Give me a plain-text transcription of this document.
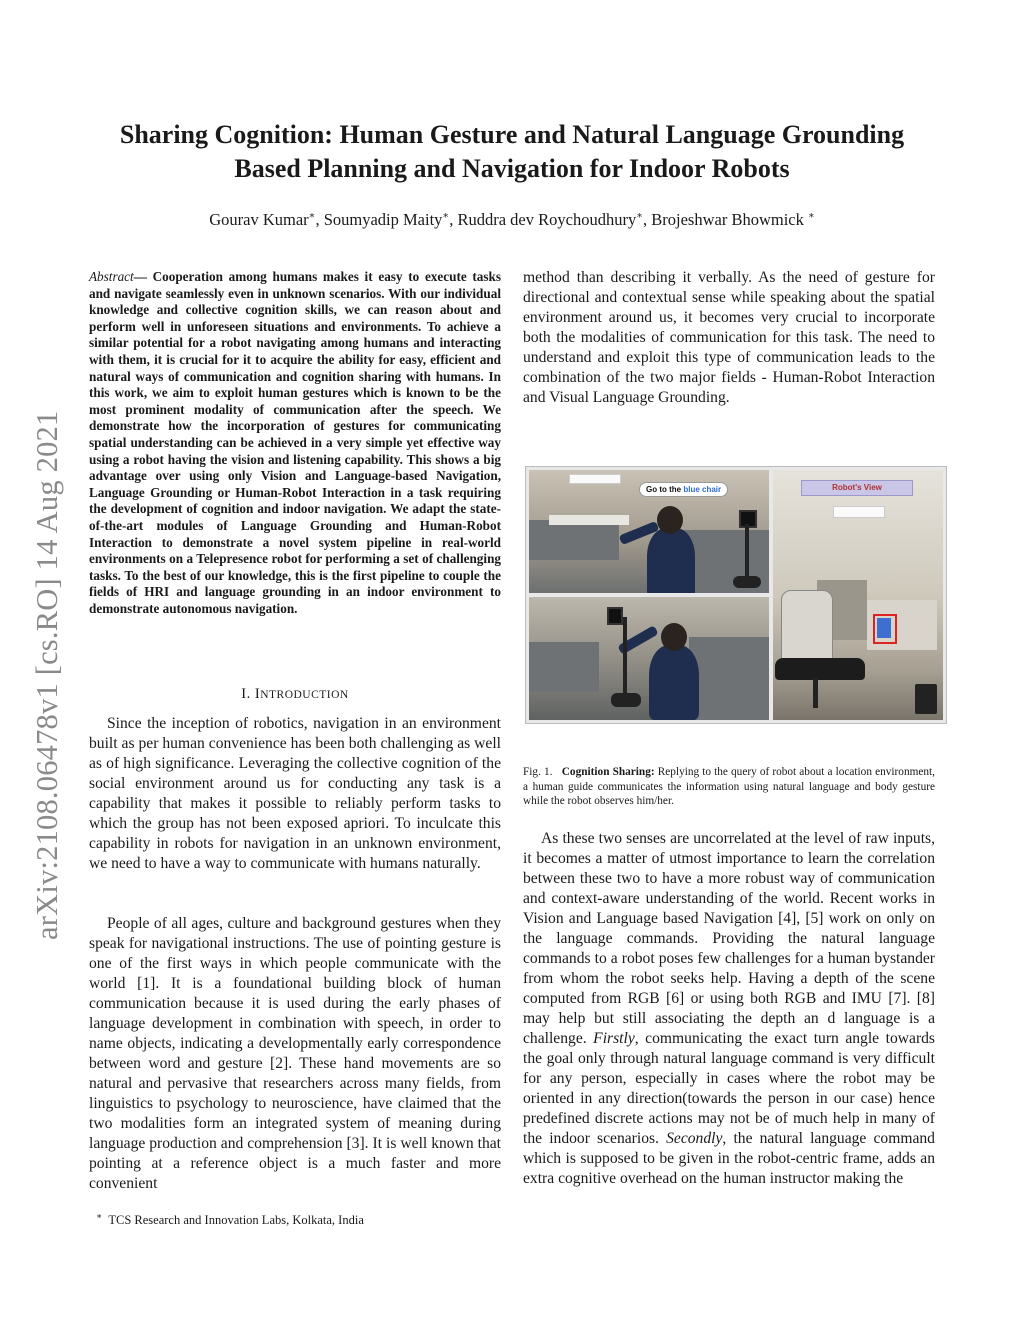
arXiv:2108.06478v1 [cs.RO] 14 Aug 2021
Sharing Cognition: Human Gesture and Natural Language Grounding
Based Planning and Navigation for Indoor Robots
Gourav Kumar∗, Soumyadip Maity∗, Ruddra dev Roychoudhury∗, Brojeshwar Bhowmick ∗
Abstract— Cooperation among humans makes it easy to execute tasks and navigate seamlessly even in unknown scenarios. With our individual knowledge and collective cognition skills, we can reason about and perform well in unforeseen situations and environments. To achieve a similar potential for a robot navigating among humans and interacting with them, it is crucial for it to acquire the ability for easy, efficient and natural ways of communication and cognition sharing with humans. In this work, we aim to exploit human gestures which is known to be the most prominent modality of communication after the speech. We demonstrate how the incorporation of gestures for communicating spatial understanding can be achieved in a very simple yet effective way using a robot having the vision and listening capability. This shows a big advantage over using only Vision and Language-based Navigation, Language Grounding or Human-Robot Interaction in a task requiring the development of cognition and indoor navigation. We adapt the state-of-the-art modules of Language Grounding and Human-Robot Interaction to demonstrate a novel system pipeline in real-world environments on a Telepresence robot for performing a set of challenging tasks. To the best of our knowledge, this is the first pipeline to couple the fields of HRI and language grounding in an indoor environment to demonstrate autonomous navigation.
I. INTRODUCTION

Since the inception of robotics, navigation in an environment built as per human convenience has been both challenging as well as of high significance. Leveraging the collective cognition of the social environment around us for conducting any task is a capability that makes it possible to reliably perform tasks to which the group has not been exposed apriori. To inculcate this capability in robots for navigation in an unknown environment, we need to have a way to communicate with humans naturally.

People of all ages, culture and background gestures when they speak for navigational instructions. The use of pointing gesture is one of the first ways in which people communicate with the world [1]. It is a foundational building block of human communication because it is used during the early phases of language development in combination with speech, in order to name objects, indicating a developmentally early correspondence between word and gesture [2]. These hand movements are so natural and pervasive that researchers across many fields, from linguistics to psychology to neuroscience, have claimed that the two modalities form an integrated system of meaning during language production and comprehension [3]. It is well known that pointing at a reference object is a much faster and more convenient

∗ TCS Research and Innovation Labs, Kolkata, India

method than describing it verbally. As the need of gesture for directional and contextual sense while speaking about the spatial environment around us, it becomes very crucial to incorporate both the modalities of communication for this task. The need to understand and exploit this type of communication leads to the combination of the two major fields - Human-Robot Interaction and Visual Language Grounding.

Go to the blue chair	Robot's View
Fig. 1. Cognition Sharing: Replying to the query of robot about a location environment, a human guide communicates the information using natural language and body gesture while the robot observes him/her.

As these two senses are uncorrelated at the level of raw inputs, it becomes a matter of utmost importance to learn the correlation between these two to have a more robust way of communication and context-aware understanding of the world. Recent works in Vision and Language based Navigation [4], [5] work on only on the language commands. Providing the natural language commands to a robot poses few challenges for a human bystander from whom the robot seeks help. Having a depth of the scene computed from RGB [6] or using both RGB and IMU [7]. [8] may help but still associating the depth an d language is a challenge. Firstly, communicating the exact turn angle towards the goal only through natural language command is very difficult for any person, especially in cases where the robot may be oriented in any direction(towards the person in our case) hence predefined discrete actions may not be of much help in many of the indoor scenarios. Secondly, the natural language command which is supposed to be given in the robot-centric frame, adds an extra cognitive overhead on the human instructor making the
